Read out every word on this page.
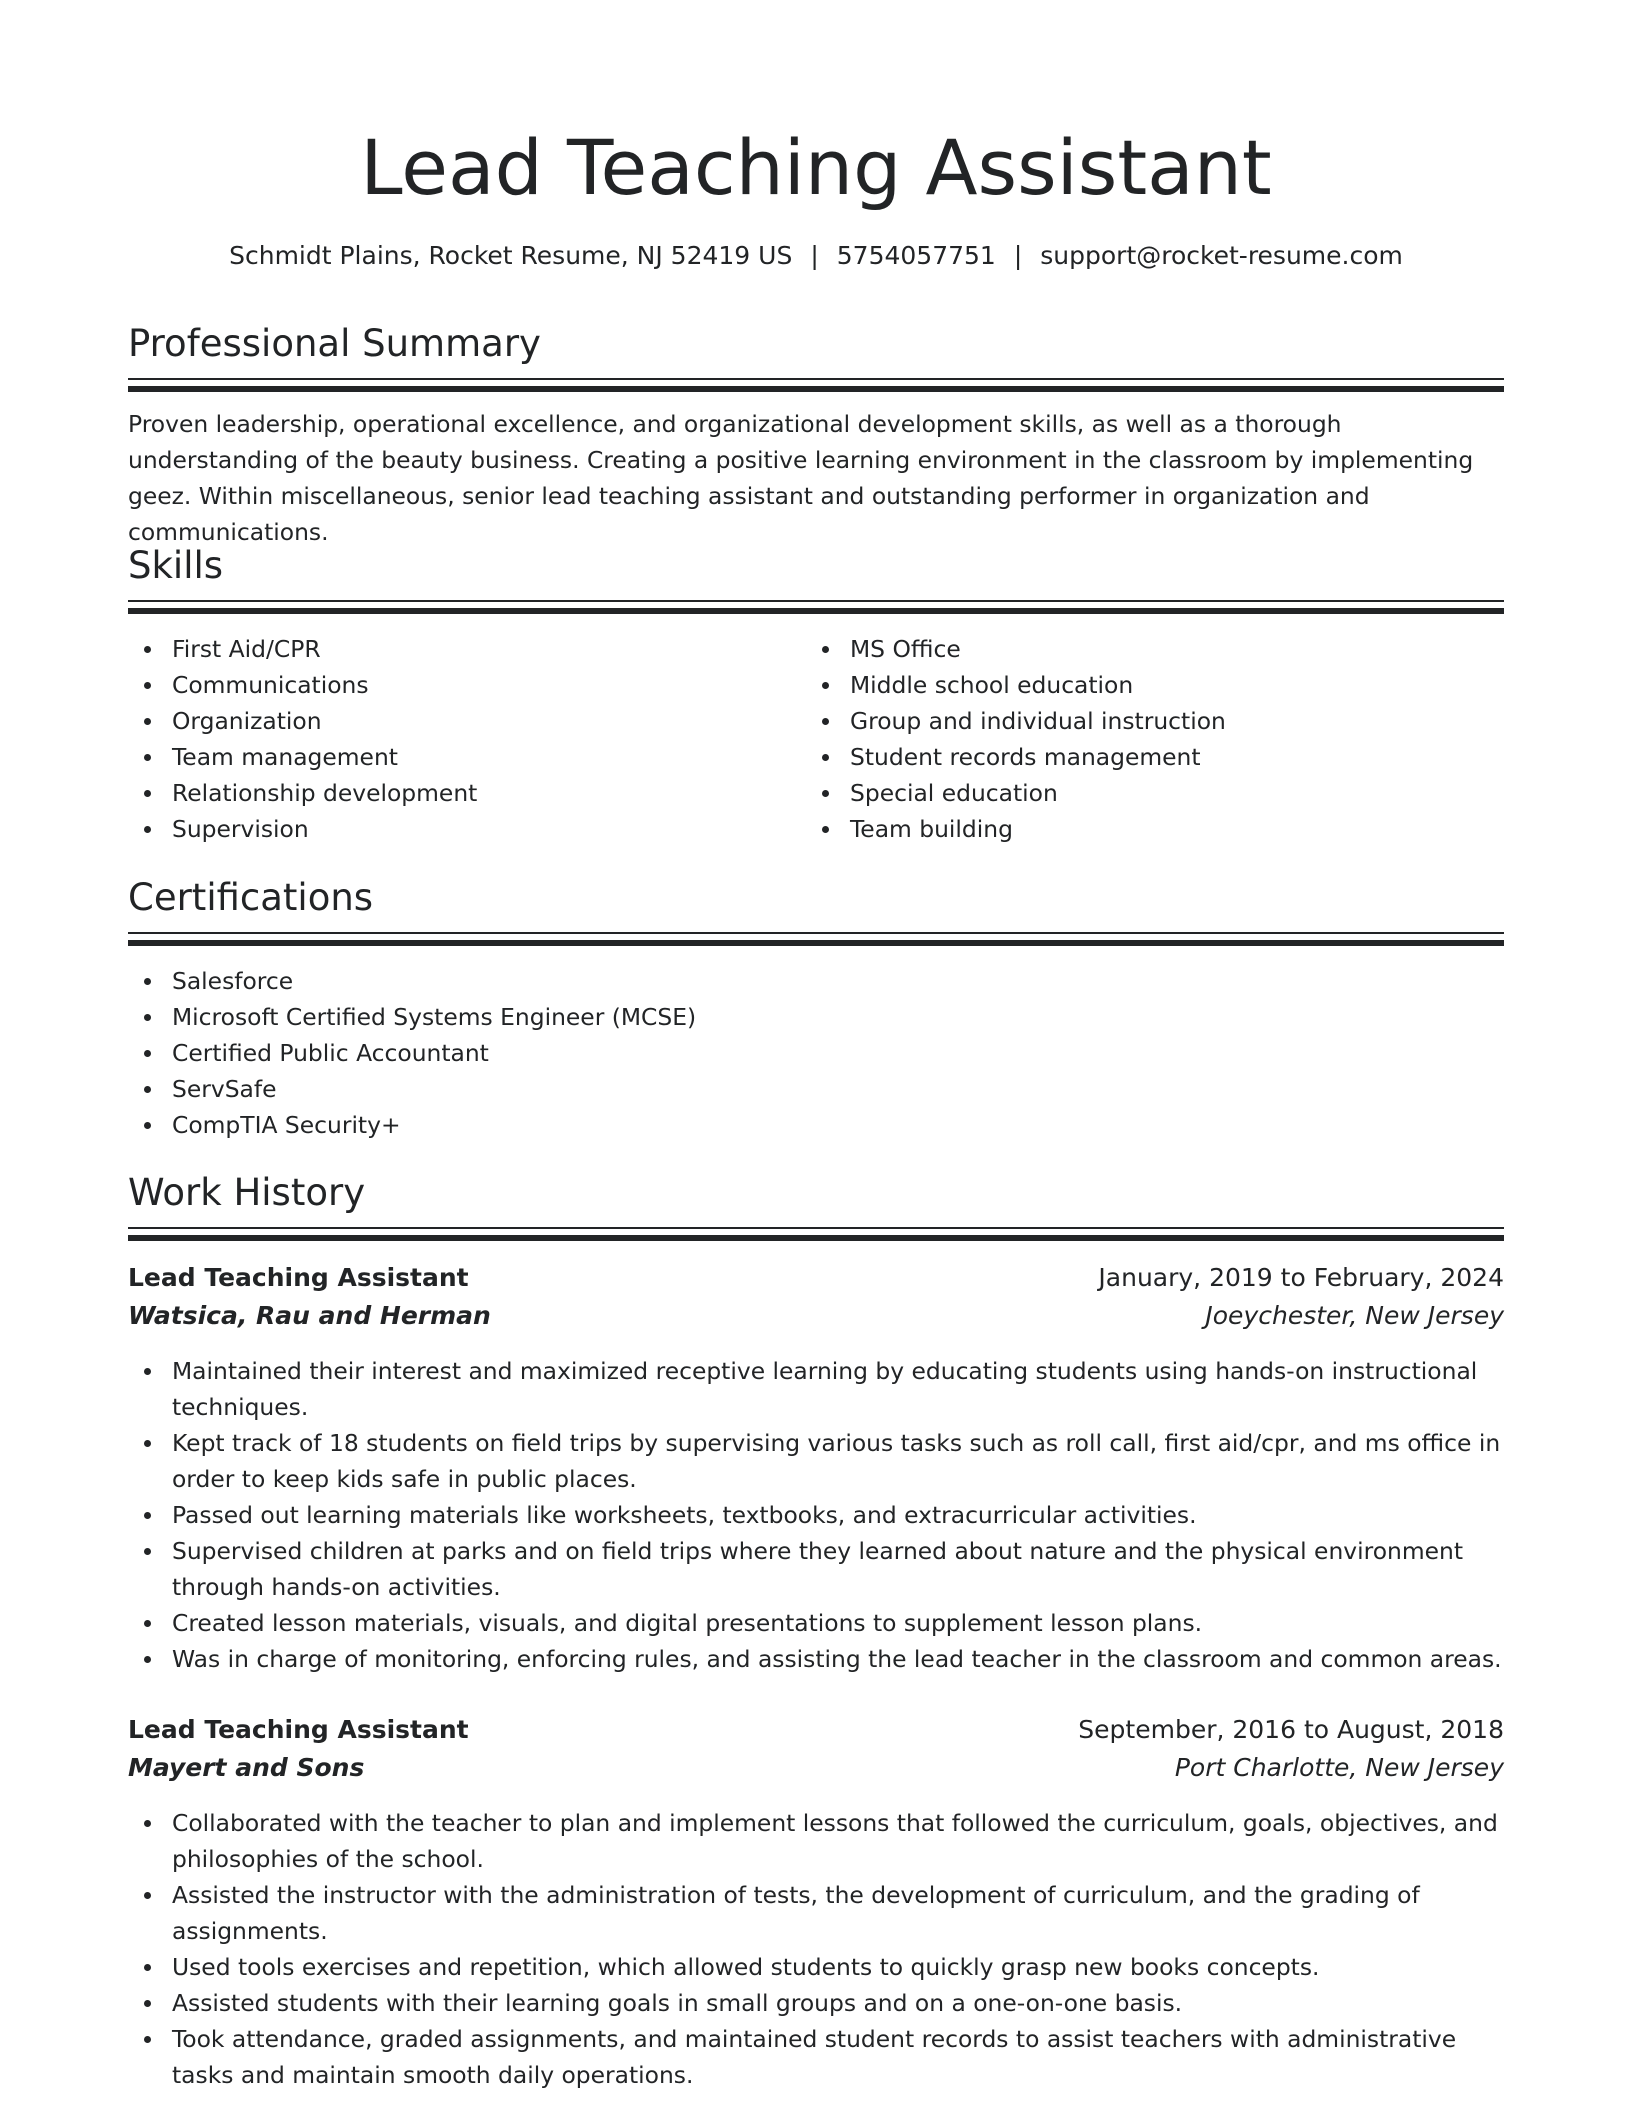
Lead Teaching Assistant

Schmidt Plains, Rocket Resume, NJ 52419 US | 5754057751 | support@rocket-resume.com

Professional Summary

Proven leadership, operational excellence, and organizational development skills, as well as a thorough understanding of the beauty business. Creating a positive learning environment in the classroom by implementing geez. Within miscellaneous, senior lead teaching assistant and outstanding performer in organization and communications.

Skills
First Aid/CPR
Communications
Organization
Team management
Relationship development
Supervision
MS Office
Middle school education
Group and individual instruction
Student records management
Special education
Team building
Certifications
Salesforce
Microsoft Certified Systems Engineer (MCSE)
Certified Public Accountant
ServSafe
CompTIA Security+
Work History
Lead Teaching Assistant	January, 2019 to February, 2024
Watsica, Rau and Herman	Joeychester, New Jersey
Maintained their interest and maximized receptive learning by educating students using hands-on instructional techniques.
Kept track of 18 students on field trips by supervising various tasks such as roll call, first aid/cpr, and ms office in order to keep kids safe in public places.
Passed out learning materials like worksheets, textbooks, and extracurricular activities.
Supervised children at parks and on field trips where they learned about nature and the physical environment through hands-on activities.
Created lesson materials, visuals, and digital presentations to supplement lesson plans.
Was in charge of monitoring, enforcing rules, and assisting the lead teacher in the classroom and common areas.
Lead Teaching Assistant	September, 2016 to August, 2018
Mayert and Sons	Port Charlotte, New Jersey
Collaborated with the teacher to plan and implement lessons that followed the curriculum, goals, objectives, and philosophies of the school.
Assisted the instructor with the administration of tests, the development of curriculum, and the grading of assignments.
Used tools exercises and repetition, which allowed students to quickly grasp new books concepts.
Assisted students with their learning goals in small groups and on a one-on-one basis.
Took attendance, graded assignments, and maintained student records to assist teachers with administrative tasks and maintain smooth daily operations.
